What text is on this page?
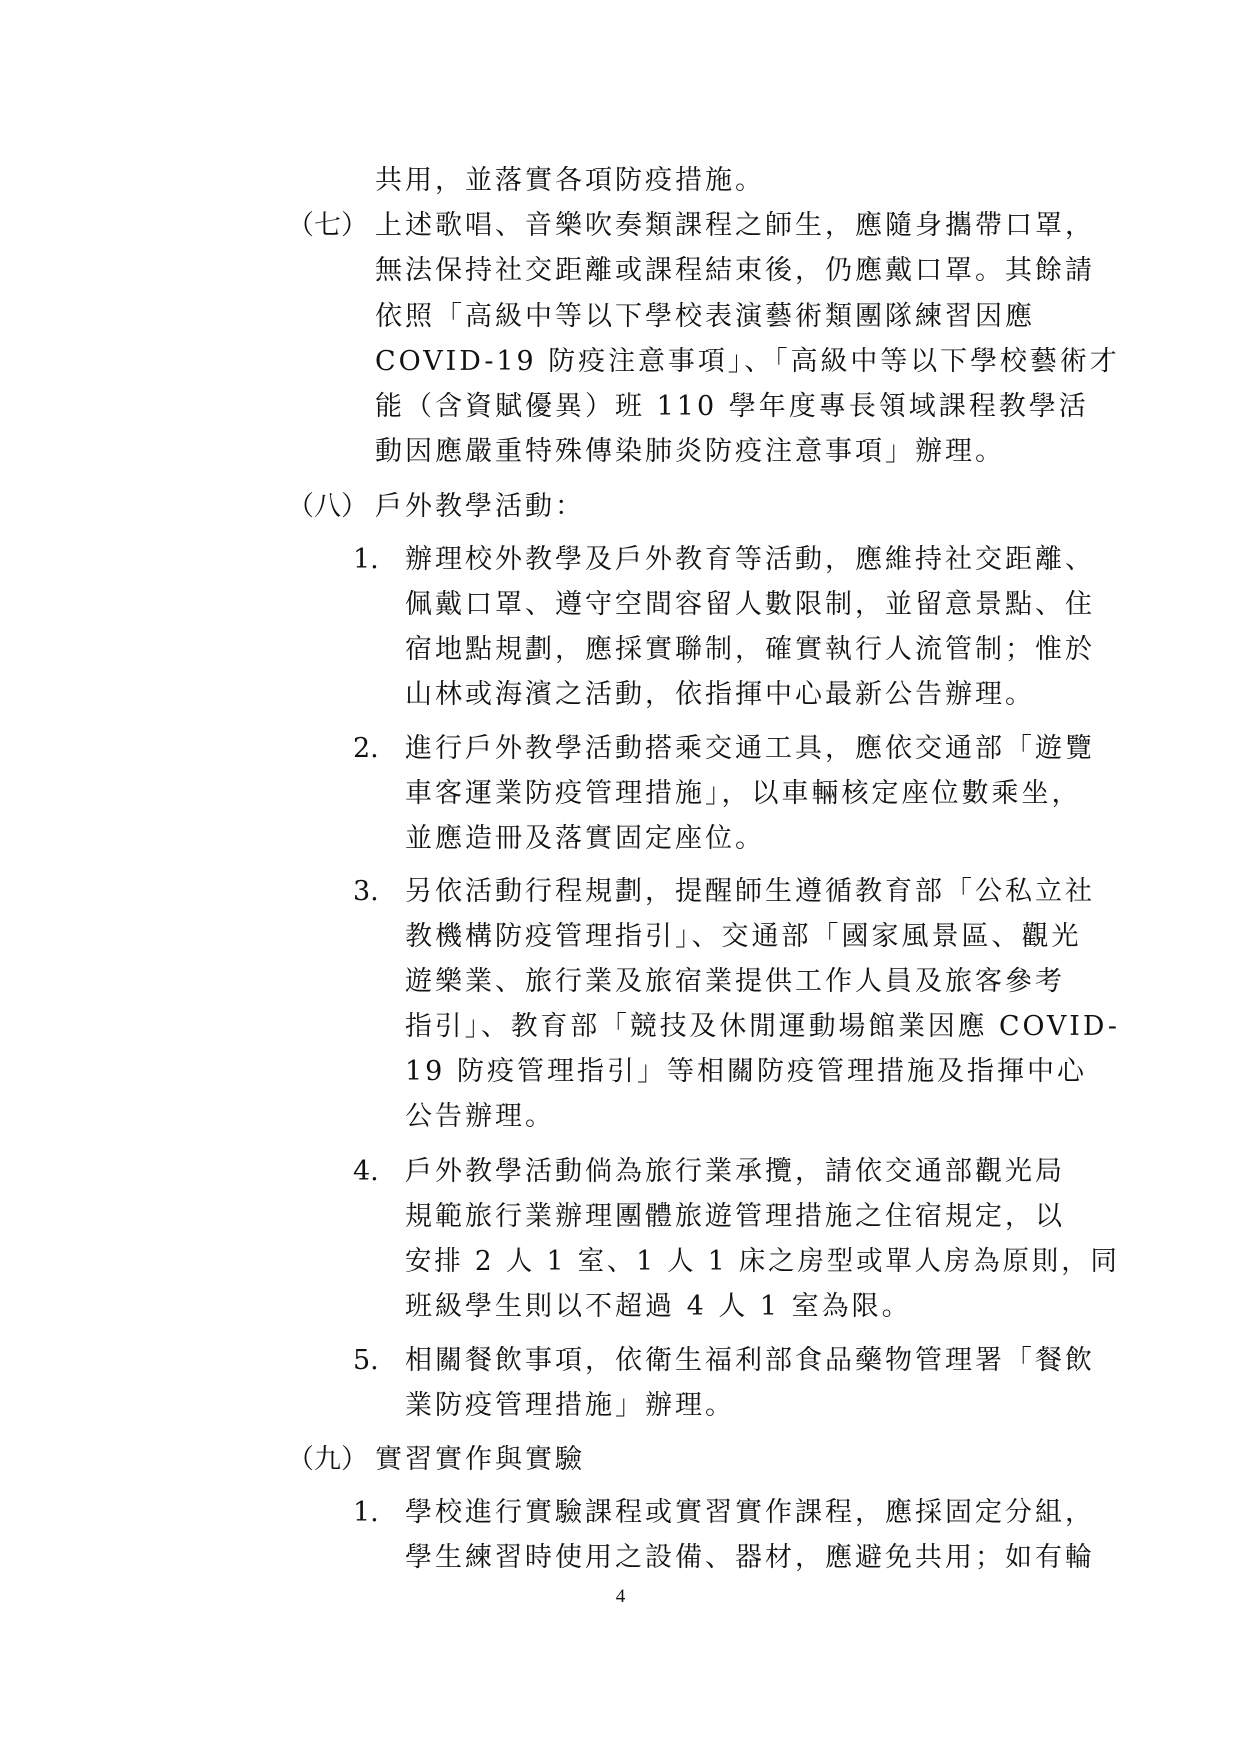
共用，並落實各項防疫措施。
（七） 上述歌唱、音樂吹奏類課程之師生，應隨身攜帶口罩，
無法保持社交距離或課程結束後，仍應戴口罩。其餘請
依照「高級中等以下學校表演藝術類團隊練習因應
COVID-19 防疫注意事項」、「高級中等以下學校藝術才
能（含資賦優異）班 110 學年度專長領域課程教學活
動因應嚴重特殊傳染肺炎防疫注意事項」辦理。
（八） 戶外教學活動：
1. 辦理校外教學及戶外教育等活動，應維持社交距離、
佩戴口罩、遵守空間容留人數限制，並留意景點、住
宿地點規劃，應採實聯制，確實執行人流管制；惟於
山林或海濱之活動，依指揮中心最新公告辦理。
2. 進行戶外教學活動搭乘交通工具，應依交通部「遊覽
車客運業防疫管理措施」，以車輛核定座位數乘坐，
並應造冊及落實固定座位。
3. 另依活動行程規劃，提醒師生遵循教育部「公私立社
教機構防疫管理指引」、交通部「國家風景區、觀光
遊樂業、旅行業及旅宿業提供工作人員及旅客參考
指引」、教育部「競技及休閒運動場館業因應 COVID-
19 防疫管理指引」等相關防疫管理措施及指揮中心
公告辦理。
4. 戶外教學活動倘為旅行業承攬，請依交通部觀光局
規範旅行業辦理團體旅遊管理措施之住宿規定，以
安排 2 人 1 室、1 人 1 床之房型或單人房為原則，同
班級學生則以不超過 4 人 1 室為限。
5. 相關餐飲事項，依衛生福利部食品藥物管理署「餐飲
業防疫管理措施」辦理。
（九） 實習實作與實驗
1. 學校進行實驗課程或實習實作課程，應採固定分組，
學生練習時使用之設備、器材，應避免共用；如有輪
4
